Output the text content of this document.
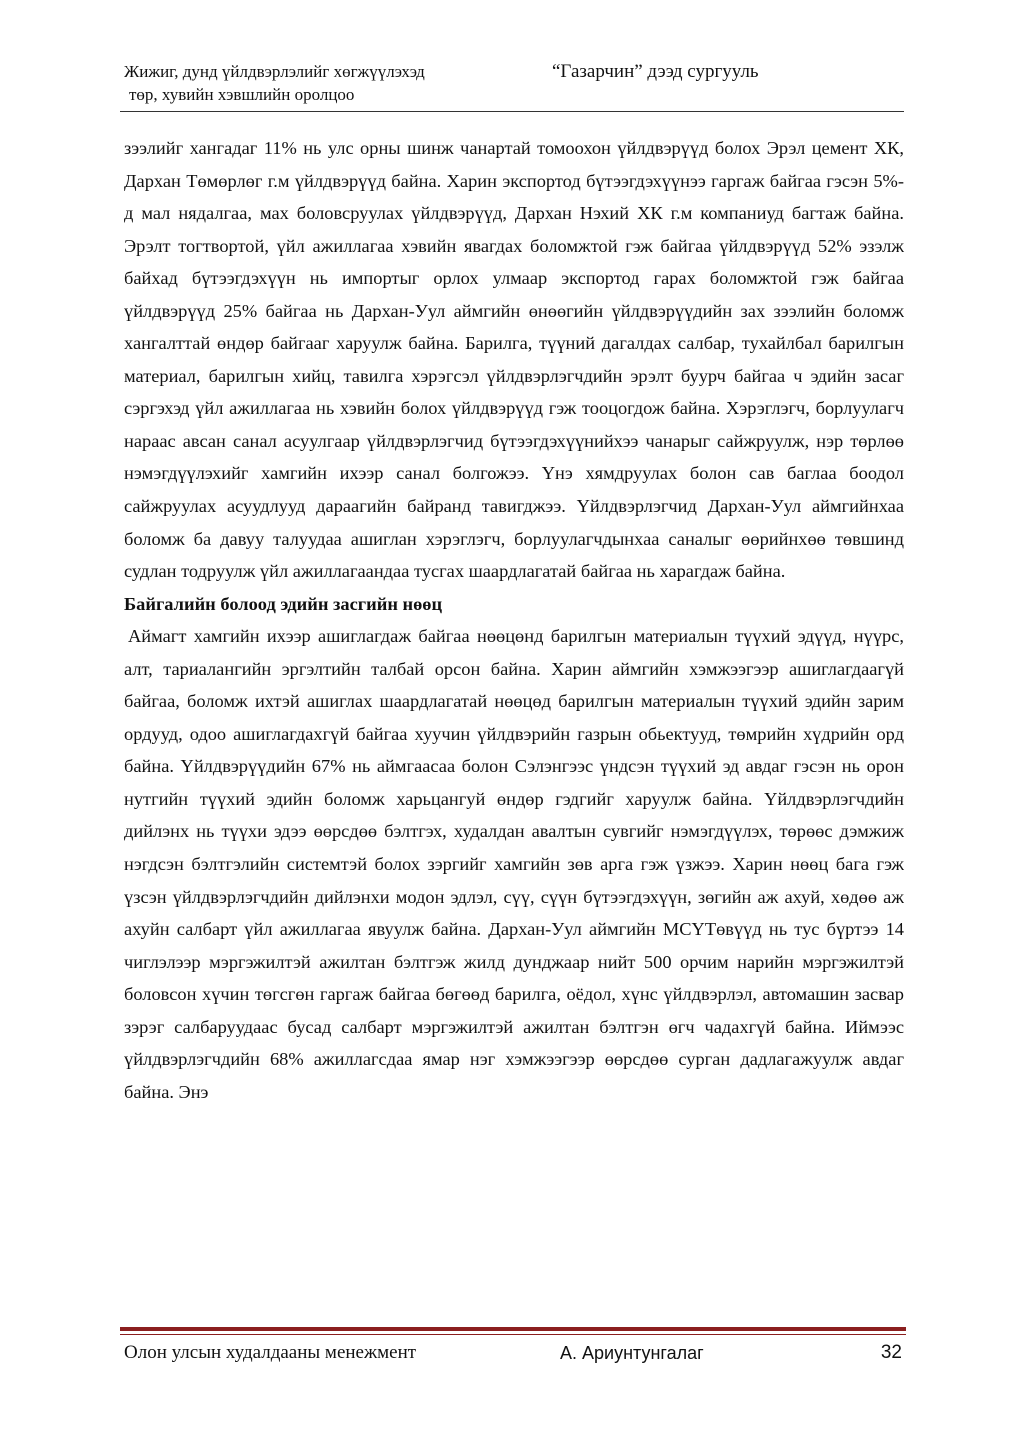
Жижиг, дунд үйлдвэрлэлийг хөгжүүлэхэд
төр, хувийн хэвшлийн оролцоо
“Газарчин” дээд сургууль

зээлийг хангадаг 11% нь улс орны шинж чанартай томоохон үйлдвэрүүд болох Эрэл цемент ХК, Дархан Төмөрлөг г.м үйлдвэрүүд байна. Харин экспортод бүтээгдэхүүнээ гаргаж байгаа гэсэн 5%-д мал нядалгаа, мах боловсруулах үйлдвэрүүд, Дархан Нэхий ХК г.м компаниуд багтаж байна. Эрэлт тогтвортой, үйл ажиллагаа хэвийн явагдах боломжтой гэж байгаа үйлдвэрүүд 52% эзэлж байхад бүтээгдэхүүн нь импортыг орлох улмаар экспортод гарах боломжтой гэж байгаа үйлдвэрүүд 25% байгаа нь Дархан-Уул аймгийн өнөөгийн үйлдвэрүүдийн зах зээлийн боломж хангалттай өндөр байгааг харуулж байна. Барилга, түүний дагалдах салбар, тухайлбал барилгын материал, барилгын хийц, тавилга хэрэгсэл үйлдвэрлэгчдийн эрэлт буурч байгаа ч эдийн засаг сэргэхэд үйл ажиллагаа нь хэвийн болох үйлдвэрүүд гэж тооцогдож байна. Хэрэглэгч, борлуулагч нараас авсан санал асуулгаар үйлдвэрлэгчид бүтээгдэхүүнийхээ чанарыг сайжруулж, нэр төрлөө нэмэгдүүлэхийг хамгийн ихээр санал болгожээ. Үнэ хямдруулах болон сав баглаа боодол сайжруулах асуудлууд дараагийн байранд тавигджээ. Үйлдвэрлэгчид Дархан-Уул аймгийнхаа боломж ба давуу талуудаа ашиглан хэрэглэгч, борлуулагчдынхаа саналыг өөрийнхөө төвшинд судлан тодруулж үйл ажиллагаандаа тусгах шаардлагатай байгаа нь харагдаж байна.

Байгалийн болоод эдийн засгийн нөөц

Аймагт хамгийн ихээр ашиглагдаж байгаа нөөцөнд барилгын материалын түүхий эдүүд, нүүрс, алт, тариалангийн эргэлтийн талбай орсон байна. Харин аймгийн хэмжээгээр ашиглагдаагүй байгаа, боломж ихтэй ашиглах шаардлагатай нөөцөд барилгын материалын түүхий эдийн зарим ордууд, одоо ашиглагдахгүй байгаа хуучин үйлдвэрийн газрын обьектууд, төмрийн хүдрийн орд байна. Үйлдвэрүүдийн 67% нь аймгаасаа болон Сэлэнгээс үндсэн түүхий эд авдаг гэсэн нь орон нутгийн түүхий эдийн боломж харьцангуй өндөр гэдгийг харуулж байна. Үйлдвэрлэгчдийн дийлэнх нь түүхи эдээ өөрсдөө бэлтгэх, худалдан авалтын сувгийг нэмэгдүүлэх, төрөөс дэмжиж нэгдсэн бэлтгэлийн системтэй болох зэргийг хамгийн зөв арга гэж үзжээ. Харин нөөц бага гэж үзсэн үйлдвэрлэгчдийн дийлэнхи модон эдлэл, сүү, сүүн бүтээгдэхүүн, зөгийн аж ахуй, хөдөө аж ахуйн салбарт үйл ажиллагаа явуулж байна. Дархан-Уул аймгийн МСҮТөвүүд нь тус бүртээ 14 чиглэлээр мэргэжилтэй ажилтан бэлтгэж жилд дунджаар нийт 500 орчим нарийн мэргэжилтэй боловсон хүчин төгсгөн гаргаж байгаа бөгөөд барилга, оёдол, хүнс үйлдвэрлэл, автомашин засвар зэрэг салбаруудаас бусад салбарт мэргэжилтэй ажилтан бэлтгэн өгч чадахгүй байна. Иймээс үйлдвэрлэгчдийн 68% ажиллагсдаа ямар нэг хэмжээгээр өөрсдөө сурган дадлагажуулж авдаг байна. Энэ

Олон улсын худалдааны менежмент	А. Ариунтунгалаг	32
